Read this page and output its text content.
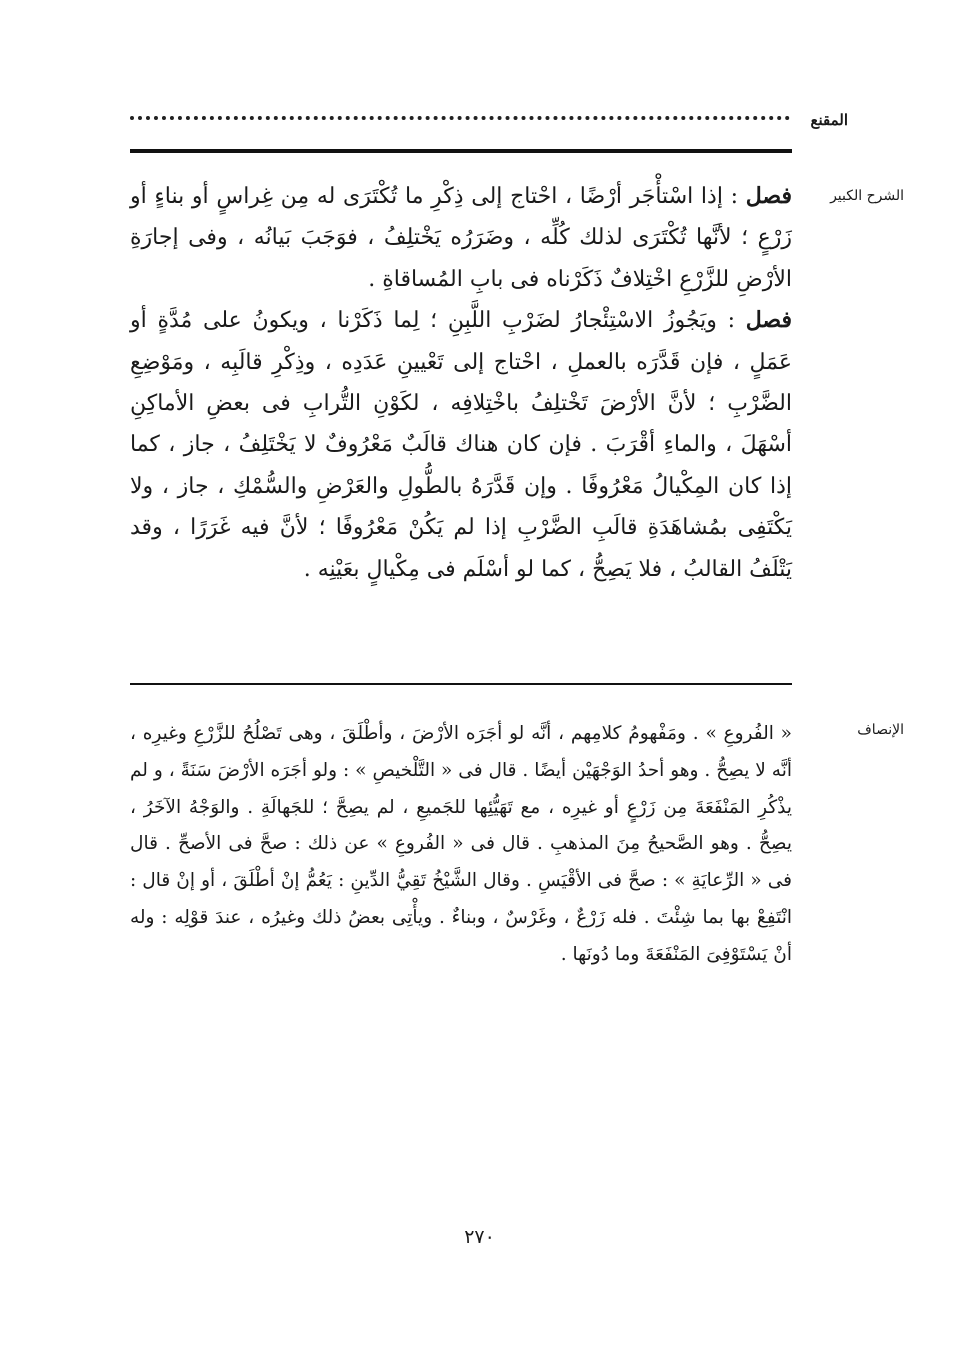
المقنع
الشرح الكبير

فصل : إذا اسْتأْجَر أرْضًا ، احْتاج إلى ذِكْرِ ما تُكْتَرَى له مِن غِراسٍ أو بناءٍ أو زَرْعٍ ؛ لأنَّها تُكْتَرَى لذلك كُلِّه ، وضَرَرُه يَخْتلِفُ ، فوَجَبَ بَيانُه ، وفى إجارَةِ الأرْضِ للزَّرْعِ اخْتِلافٌ ذَكَرْناه فى بابِ المُساقاةِ .

فصل : ويَجُوزُ الاسْتِئْجارُ لضَرْبِ اللَّبِنِ ؛ لِما ذَكَرْنا ، ويكونُ على مُدَّةٍ أو عَمَلٍ ، فإن قَدَّرَه بالعملِ ، احْتاج إلى تَعْيينِ عَدَدِه ، وذِكْرِ قالَبِه ، ومَوْضِعِ الضَّرْبِ ؛ لأنَّ الأرْضَ تَخْتلِفُ باخْتِلافِه ، لكَوْنِ التُّرابِ فى بعضِ الأماكِنِ أسْهَلَ ، والماءِ أقْرَبَ . فإن كان هناك قالَبٌ مَعْرُوفٌ لا يَخْتَلِفُ ، جاز ، كما إذا كان المِكْيالُ مَعْرُوفًا . وإن قَدَّرَهُ بالطُّولِ والعَرْضِ والسُّمْكِ ، جاز ، ولا يَكْتَفِى بمُشاهَدَةِ قالَبِ الضَّرْبِ إذا لم يَكُنْ مَعْرُوفًا ؛ لأنَّ فيه غَرَرًا ، وقد يَتْلَفُ القالبُ ، فلا يَصِحُّ ، كما لو أسْلَم فى مِكْيالٍ بعَيْنِه .

الإنصاف

« الفُروعِ » . ومَفْهومُ كلامِهم ، أنَّه لو أجَرَه الأرْضَ ، وأطْلَقَ ، وهى تَصْلُحُ للزَّرْعِ وغيرِه ، أنَّه لا يصِحُّ . وهو أحدُ الوَجْهَيْن أيضًا . قال فى « التَّلْخيصِ » : ولو أجَرَه الأرْضَ سَنَةً ، و لم يذْكُرِ المَنْفَعَةَ مِن زَرْعٍ أو غيرِه ، مع تَهَيُّئِها للجَميعِ ، لم يصِحَّ ؛ للجَهالَةِ . والوَجْهُ الآخَرُ ، يصِحُّ . وهو الصَّحيحُ مِنَ المذهبِ . قال فى « الفُروعِ » عن ذلك : صحَّ فى الأصحِّ . قال فى « الرِّعايَةِ » : صحَّ فى الأقْيَسِ . وقال الشَّيْخُ تَقِيُّ الدِّينِ : يَعُمُّ إنْ أطْلَقَ ، أو إنْ قال : انْتَفِعْ بها بما شِئْتَ . فله زَرْعٌ ، وغَرْسٌ ، وبناءٌ . ويأْتِى بعضُ ذلك وغيرُه ، عندَ قوْلِه : وله أنْ يَسْتَوْفِىَ المَنْفَعَةَ وما دُونَها .

٢٧٠
